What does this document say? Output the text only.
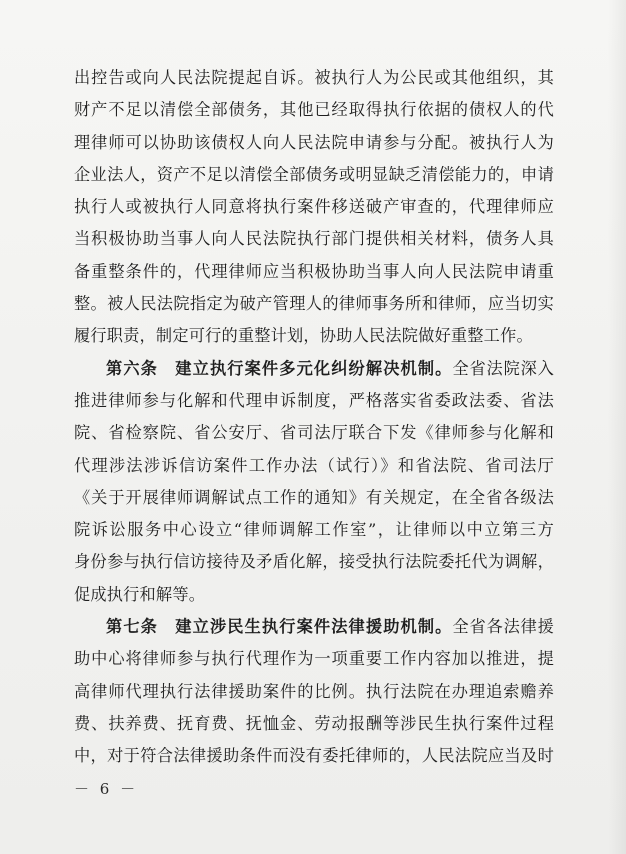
出控告或向人民法院提起自诉。被执行人为公民或其他组织，其
财产不足以清偿全部债务，其他已经取得执行依据的债权人的代
理律师可以协助该债权人向人民法院申请参与分配。被执行人为
企业法人，资产不足以清偿全部债务或明显缺乏清偿能力的，申请
执行人或被执行人同意将执行案件移送破产审查的，代理律师应
当积极协助当事人向人民法院执行部门提供相关材料，债务人具
备重整条件的，代理律师应当积极协助当事人向人民法院申请重
整。被人民法院指定为破产管理人的律师事务所和律师，应当切实
履行职责，制定可行的重整计划，协助人民法院做好重整工作。
第六条　建立执行案件多元化纠纷解决机制。全省法院深入
推进律师参与化解和代理申诉制度，严格落实省委政法委、省法
院、省检察院、省公安厅、省司法厅联合下发《律师参与化解和
代理涉法涉诉信访案件工作办法（试行）》和省法院、省司法厅
《关于开展律师调解试点工作的通知》有关规定，在全省各级法
院诉讼服务中心设立“律师调解工作室”，让律师以中立第三方
身份参与执行信访接待及矛盾化解，接受执行法院委托代为调解，
促成执行和解等。
第七条　建立涉民生执行案件法律援助机制。全省各法律援
助中心将律师参与执行代理作为一项重要工作内容加以推进，提
高律师代理执行法律援助案件的比例。执行法院在办理追索赡养
费、扶养费、抚育费、抚恤金、劳动报酬等涉民生执行案件过程
中，对于符合法律援助条件而没有委托律师的，人民法院应当及时
－ 6 －
